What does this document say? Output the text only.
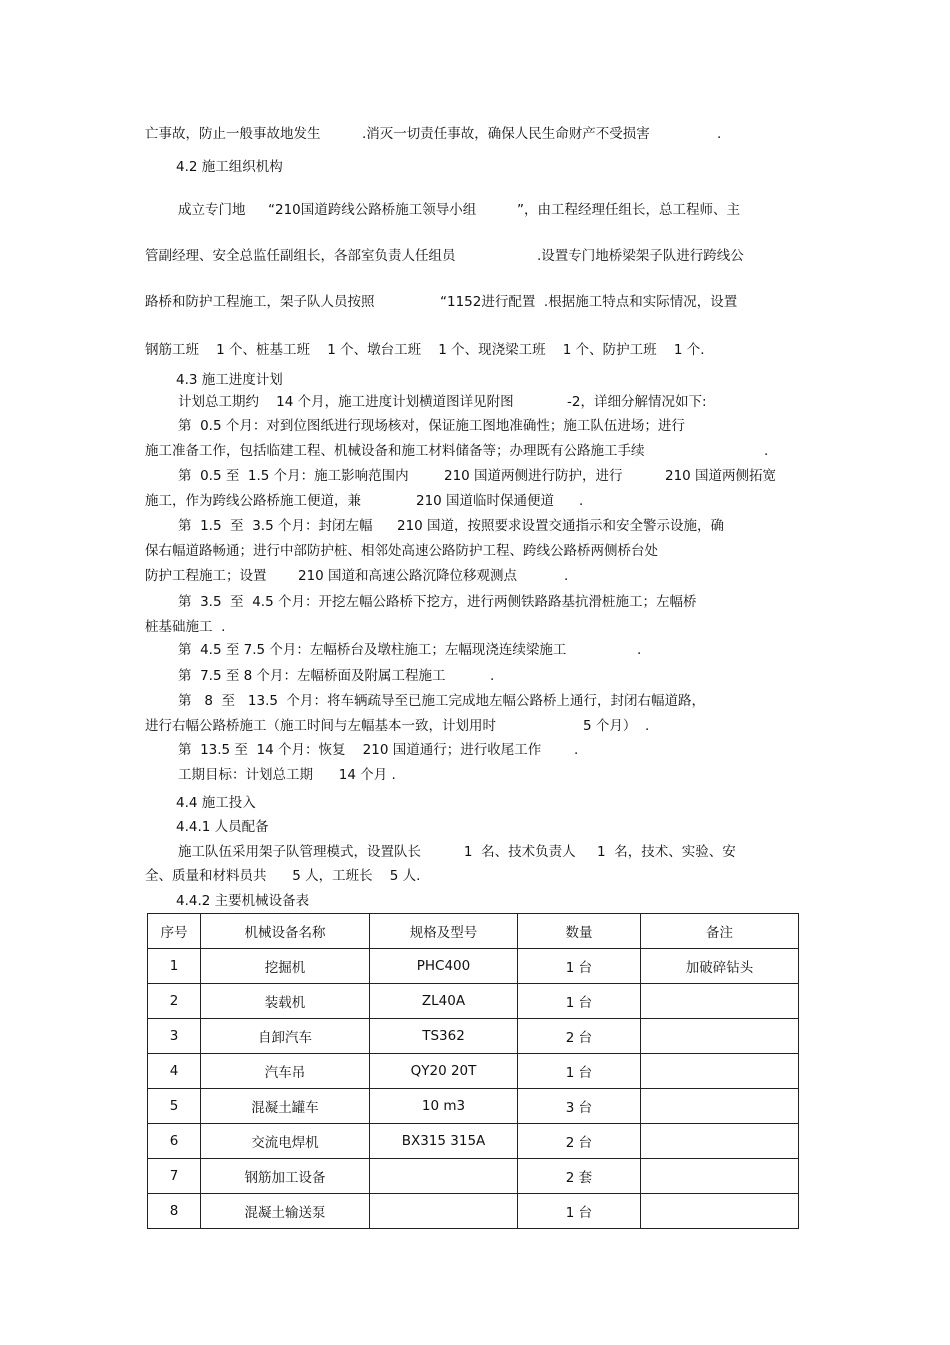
亡事故，防止一般事故地发生	.消灭一切责任事故，确保人民生命财产不受损害	.
4.2 施工组织机构
成立专门地 “210国道跨线公路桥施工领导小组	”，由工程经理任组长，总工程师、主
管副经理、安全总监任副组长，各部室负责人任组员	.设置专门地桥梁架子队进行跨线公
路桥和防护工程施工，架子队人员按照	“1152进行配置  .根据施工特点和实际情况，设置
钢筋工班    1 个、桩基工班    1 个、墩台工班    1 个、现浇梁工班    1 个、防护工班    1 个.
4.3 施工进度计划
计划总工期约    14 个月，施工进度计划横道图详见附图	-2，详细分解情况如下:
第  0.5 个月：对到位图纸进行现场核对，保证施工图地准确性；施工队伍进场；进行
施工准备工作，包括临建工程、机械设备和施工材料储备等；办理既有公路施工手续	.
第  0.5 至  1.5 个月：施工影响范围内	210 国道两侧进行防护，进行	210 国道两侧拓宽
施工，作为跨线公路桥施工便道，兼	210 国道临时保通便道 .
第  1.5  至  3.5 个月：封闭左幅 210 国道，按照要求设置交通指示和安全警示设施，确
保右幅道路畅通；进行中部防护桩、相邻处高速公路防护工程、跨线公路桥两侧桥台处
防护工程施工；设置 210 国道和高速公路沉降位移观测点	.
第  3.5  至  4.5 个月：开挖左幅公路桥下挖方，进行两侧铁路路基抗滑桩施工；左幅桥
桩基础施工  .
第  4.5 至 7.5 个月：左幅桥台及墩柱施工；左幅现浇连续梁施工	.
第  7.5 至 8 个月：左幅桥面及附属工程施工	.
第   8  至   13.5  个月：将车辆疏导至已施工完成地左幅公路桥上通行，封闭右幅道路，
进行右幅公路桥施工（施工时间与左幅基本一致，计划用时	5 个月）  .
第  13.5 至  14 个月：恢复    210 国道通行；进行收尾工作 .
工期目标：计划总工期      14 个月 .
4.4 施工投入
4.4.1 人员配备
施工队伍采用架子队管理模式，设置队长          1  名、技术负责人     1  名，技术、实验、安
全、质量和材料员共      5 人，工班长    5 人.
4.4.2 主要机械设备表
序号	机械设备名称	规格及型号	数量	备注
1	挖掘机	PHC400	1 台	加破碎钻头
2	装载机	ZL40A	1 台	
3	自卸汽车	TS362	2 台	
4	汽车吊	QY20 20T	1 台	
5	混凝土罐车	10 m3	3 台	
6	交流电焊机	BX315 315A	2 台	
7	钢筋加工设备		2 套	
8	混凝土输送泵		1 台	
